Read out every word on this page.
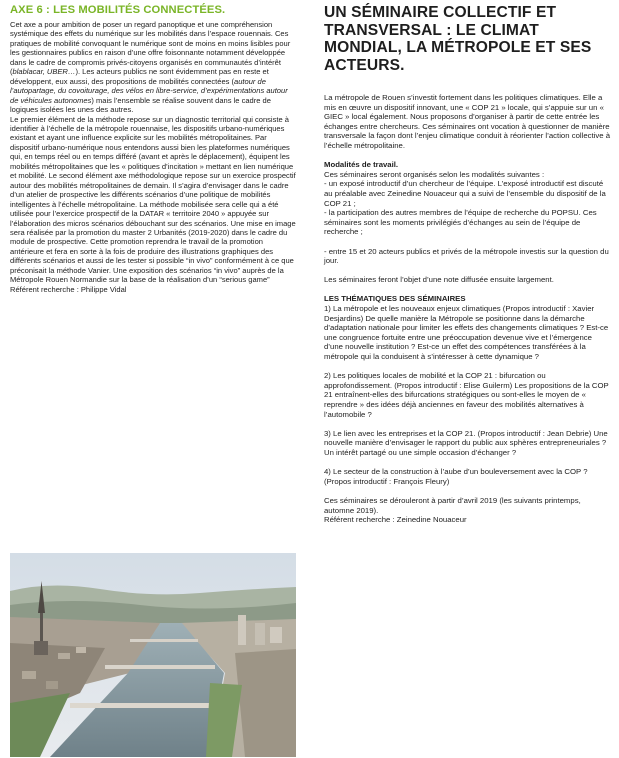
AXE 6 : LES MOBILITÉS CONNECTÉES.

Cet axe a pour ambition de poser un regard panoptique et une compréhension systémique des effets du numérique sur les mobilités dans l’espace rouennais. Ces pratiques de mobilité convoquant le numérique sont de moins en moins lisibles pour les gestionnaires publics en raison d’une offre foisonnante notamment développée dans le cadre de compromis privés-citoyens organisés en communautés d’intérêt (blablacar, UBER…). Les acteurs publics ne sont évidemment pas en reste et développent, eux aussi, des propositions de mobilités connectées (autour de l’autopartage, du covoiturage, des vélos en libre-service, d’expérimentations autour de véhicules autonomes) mais l’ensemble se réalise souvent dans le cadre de logiques isolées les unes des autres.

Le premier élément de la méthode repose sur un diagnostic territorial qui consiste à identifier à l’échelle de la métropole rouennaise, les dispositifs urbano-numériques existant et ayant une influence explicite sur les mobilités métropolitaines. Par dispositif urbano-numérique nous entendons aussi bien les plateformes numériques qui, en temps réel ou en temps différé (avant et après le déplacement), équipent les mobilités métropolitaines que les « politiques d’incitation » mettant en lien numérique et mobilité. Le second élément axe méthodologique repose sur un exercice prospectif autour des mobilités métropolitaines de demain. Il s’agira d’envisager dans le cadre d’un atelier de prospective les différents scénarios d’une politique de mobilités intelligentes à l’échelle métropolitaine. La méthode mobilisée sera celle qui a été utilisée pour l’exercice prospectif de la DATAR « territoire 2040 » appuyée sur l’élaboration des micros scénarios débouchant sur des scénarios. Une mise en image sera réalisée par la promotion du master 2 Urbanités (2019-2020) dans le cadre du module de prospective. Cette promotion reprendra le travail de la promotion antérieure et fera en sorte à la fois de produire des illustrations graphiques des différents scénarios et aussi de les tester si possible “in vivo” conformément à ce que préconisait la méthode Vanier. Une exposition des scénarios “in vivo” auprès de la Métropole Rouen Normandie sur la base de la réalisation d’un “serious game”

Référent recherche : Philippe Vidal

UN SÉMINAIRE COLLECTIF ET TRANSVERSAL : LE CLIMAT MONDIAL, LA MÉTROPOLE ET SES ACTEURS.

La métropole de Rouen s’investit fortement dans les politiques climatiques. Elle a mis en œuvre un dispositif innovant, une « COP 21 » locale, qui s’appuie sur un « GIEC » local également. Nous proposons d’organiser à partir de cette entrée les échanges entre chercheurs. Ces séminaires ont vocation à questionner de manière transversale la façon dont l’enjeu climatique conduit à réorienter l’action collective à l’échelle métropolitaine.

Modalités de travail.

Ces séminaires seront organisés selon les modalités suivantes :

- un exposé introductif d’un chercheur de l’équipe. L’exposé introductif est discuté au préalable avec Zeinedine Nouaceur qui a suivi de l’ensemble du dispositif de la COP 21 ;

- la participation des autres membres de l’équipe de recherche du POPSU. Ces séminaires sont les moments privilégiés d’échanges au sein de l’équipe de recherche ;

- entre 15 et 20 acteurs publics et privés de la métropole investis sur la question du jour.

Les séminaires feront l’objet d’une note diffusée ensuite largement.

LES THÉMATIQUES DES SÉMINAIRES

1) La métropole et les nouveaux enjeux climatiques (Propos introductif : Xavier Desjardins) De quelle manière la Métropole se positionne dans la démarche d’adaptation nationale pour limiter les effets des changements climatiques ? Est-ce une congruence fortuite entre une préoccupation devenue vive et l’émergence d’une nouvelle institution ? Est-ce un effet des compétences transférées à la métropole qui la conduisent à s’intéresser à cette dynamique ?

2) Les politiques locales de mobilité et la COP 21 : bifurcation ou approfondissement. (Propos introductif : Elise Guilerm) Les propositions de la COP 21 entraînent-elles des bifurcations stratégiques ou sont-elles le moyen de « reprendre » des idées déjà anciennes en faveur des mobilités alternatives à l’automobile ?

3) Le lien avec les entreprises et la COP 21. (Propos introductif : Jean Debrie) Une nouvelle manière d’envisager le rapport du public aux sphères entrepreneuriales ? Un intérêt partagé ou une simple occasion d’échanger ?

4) Le secteur de la construction à l’aube d’un bouleversement avec la COP ? (Propos introductif : François Fleury)

Ces séminaires se dérouleront à partir d’avril 2019 (les suivants printemps, automne 2019).

Référent recherche : Zeinedine Nouaceur
